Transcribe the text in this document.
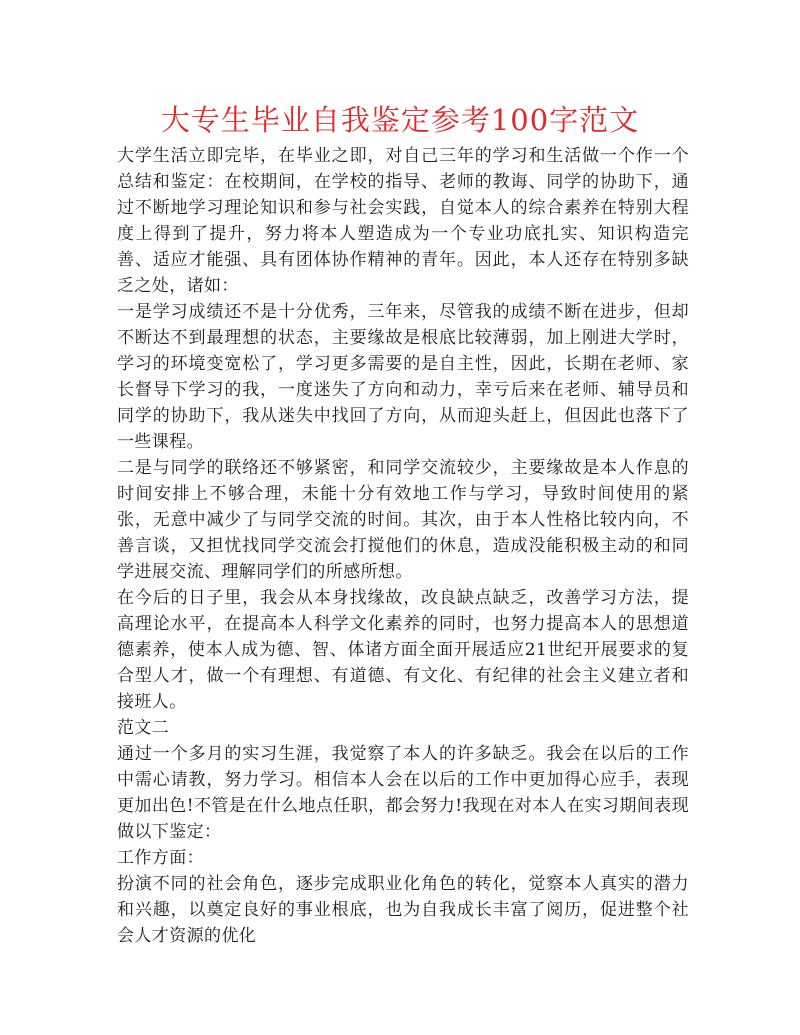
大专生毕业自我鉴定参考100字范文

大学生活立即完毕，在毕业之即，对自己三年的学习和生活做一个作一个总结和鉴定：在校期间，在学校的指导、老师的教诲、同学的协助下，通过不断地学习理论知识和参与社会实践，自觉本人的综合素养在特别大程度上得到了提升，努力将本人塑造成为一个专业功底扎实、知识构造完善、适应才能强、具有团体协作精神的青年。因此，本人还存在特别多缺乏之处，诸如：

一是学习成绩还不是十分优秀，三年来，尽管我的成绩不断在进步，但却不断达不到最理想的状态，主要缘故是根底比较薄弱，加上刚进大学时，学习的环境变宽松了，学习更多需要的是自主性，因此，长期在老师、家长督导下学习的我，一度迷失了方向和动力，幸亏后来在老师、辅导员和同学的协助下，我从迷失中找回了方向，从而迎头赶上，但因此也落下了一些课程。

二是与同学的联络还不够紧密，和同学交流较少，主要缘故是本人作息的时间安排上不够合理，未能十分有效地工作与学习，导致时间使用的紧张，无意中减少了与同学交流的时间。其次，由于本人性格比较内向，不善言谈，又担忧找同学交流会打搅他们的休息，造成没能积极主动的和同学进展交流、理解同学们的所感所想。

在今后的日子里，我会从本身找缘故，改良缺点缺乏，改善学习方法，提高理论水平，在提高本人科学文化素养的同时，也努力提高本人的思想道德素养，使本人成为德、智、体诸方面全面开展适应21世纪开展要求的复合型人才，做一个有理想、有道德、有文化、有纪律的社会主义建立者和接班人。

范文二

通过一个多月的实习生涯，我觉察了本人的许多缺乏。我会在以后的工作中需心请教，努力学习。相信本人会在以后的工作中更加得心应手，表现更加出色!不管是在什么地点任职，都会努力!我现在对本人在实习期间表现做以下鉴定：

工作方面：

扮演不同的社会角色，逐步完成职业化角色的转化，觉察本人真实的潜力和兴趣，以奠定良好的事业根底，也为自我成长丰富了阅历，促进整个社会人才资源的优化
